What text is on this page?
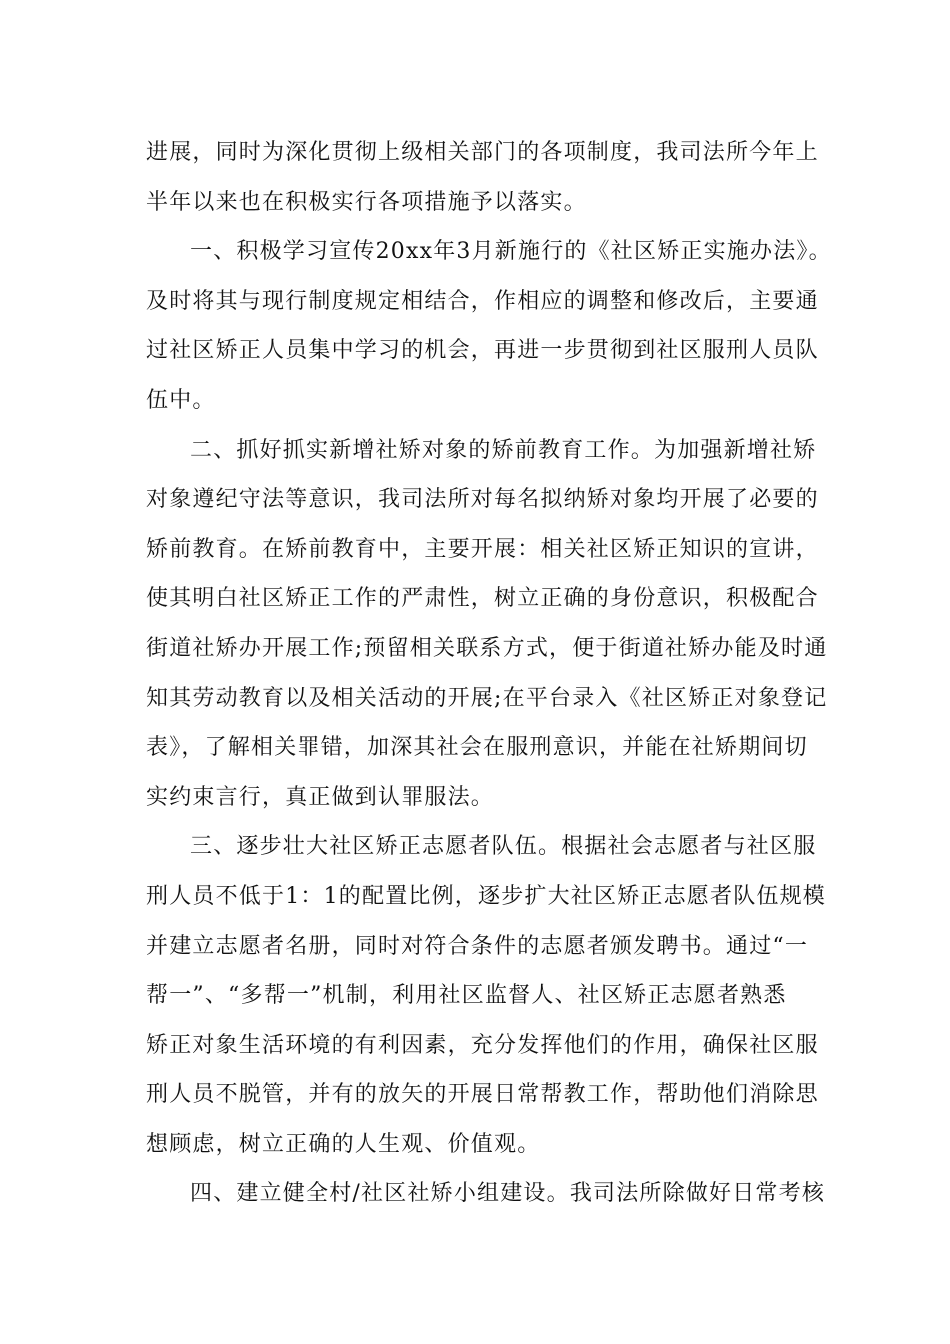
进展，同时为深化贯彻上级相关部门的各项制度，我司法所今年上
半年以来也在积极实行各项措施予以落实。
一、积极学习宣传20xx年3月新施行的《社区矫正实施办法》。
及时将其与现行制度规定相结合，作相应的调整和修改后，主要通
过社区矫正人员集中学习的机会，再进一步贯彻到社区服刑人员队
伍中。
二、抓好抓实新增社矫对象的矫前教育工作。为加强新增社矫
对象遵纪守法等意识，我司法所对每名拟纳矫对象均开展了必要的
矫前教育。在矫前教育中，主要开展：相关社区矫正知识的宣讲，
使其明白社区矫正工作的严肃性，树立正确的身份意识，积极配合
街道社矫办开展工作;预留相关联系方式，便于街道社矫办能及时通
知其劳动教育以及相关活动的开展;在平台录入《社区矫正对象登记
表》，了解相关罪错，加深其社会在服刑意识，并能在社矫期间切
实约束言行，真正做到认罪服法。
三、逐步壮大社区矫正志愿者队伍。根据社会志愿者与社区服
刑人员不低于1：1的配置比例，逐步扩大社区矫正志愿者队伍规模
并建立志愿者名册，同时对符合条件的志愿者颁发聘书。通过“一
帮一”、“多帮一”机制，利用社区监督人、社区矫正志愿者熟悉
矫正对象生活环境的有利因素，充分发挥他们的作用，确保社区服
刑人员不脱管，并有的放矢的开展日常帮教工作，帮助他们消除思
想顾虑，树立正确的人生观、价值观。
四、建立健全村/社区社矫小组建设。我司法所除做好日常考核
